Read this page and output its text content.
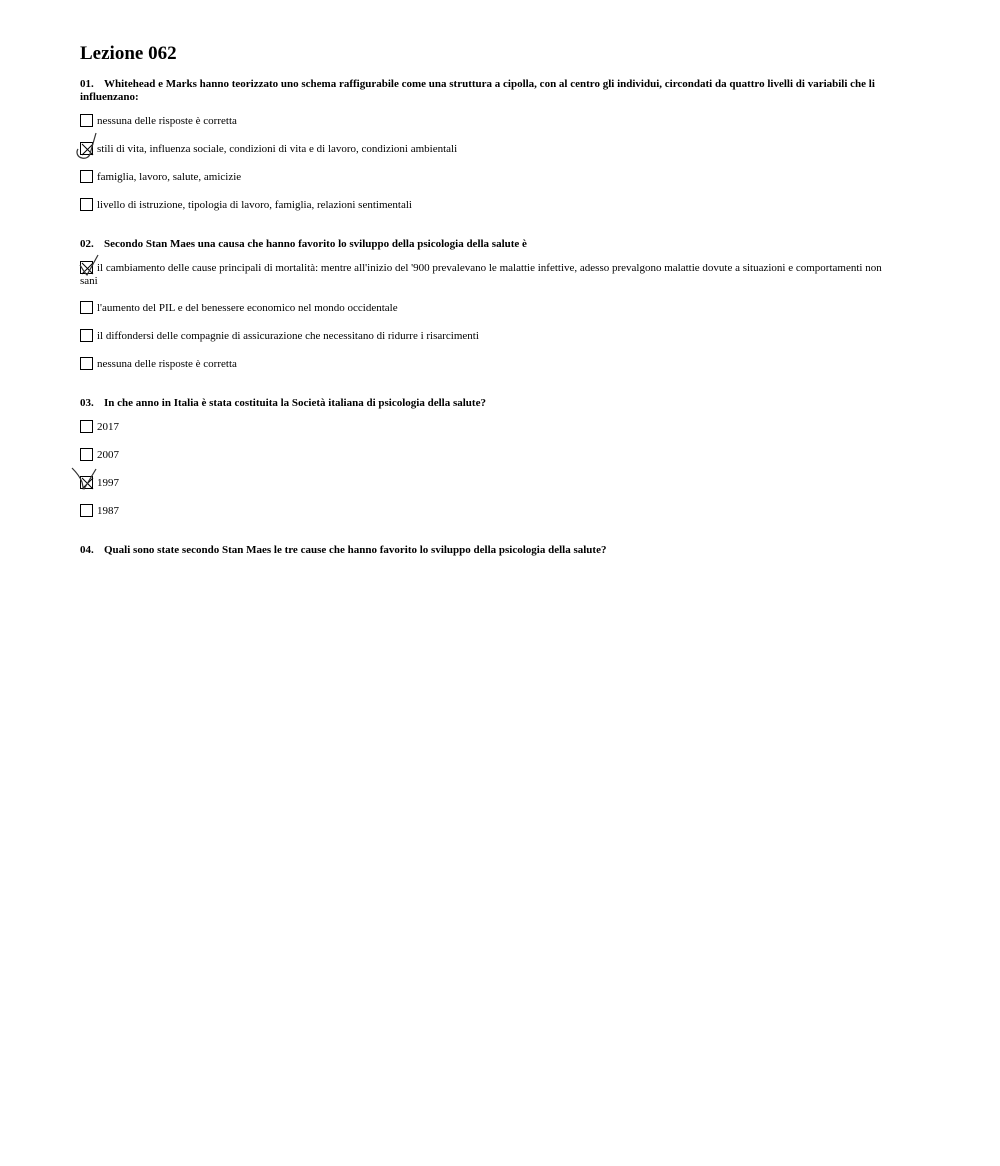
Lezione 062
01. Whitehead e Marks hanno teorizzato uno schema raffigurabile come una struttura a cipolla, con al centro gli individui, circondati da quattro livelli di variabili che li influenzano:
nessuna delle risposte è corretta
stili di vita, influenza sociale, condizioni di vita e di lavoro, condizioni ambientali
famiglia, lavoro, salute, amicizie
livello di istruzione, tipologia di lavoro, famiglia, relazioni sentimentali
02. Secondo Stan Maes una causa che hanno favorito lo sviluppo della psicologia della salute è
il cambiamento delle cause principali di mortalità: mentre all'inizio del '900 prevalevano le malattie infettive, adesso prevalgono malattie dovute a situazioni e comportamenti non sani
l'aumento del PIL e del benessere economico nel mondo occidentale
il diffondersi delle compagnie di assicurazione che necessitano di ridurre i risarcimenti
nessuna delle risposte è corretta
03. In che anno in Italia è stata costituita la Società italiana di psicologia della salute?
2017
2007
1997
1987
04. Quali sono state secondo Stan Maes le tre cause che hanno favorito lo sviluppo della psicologia della salute?
